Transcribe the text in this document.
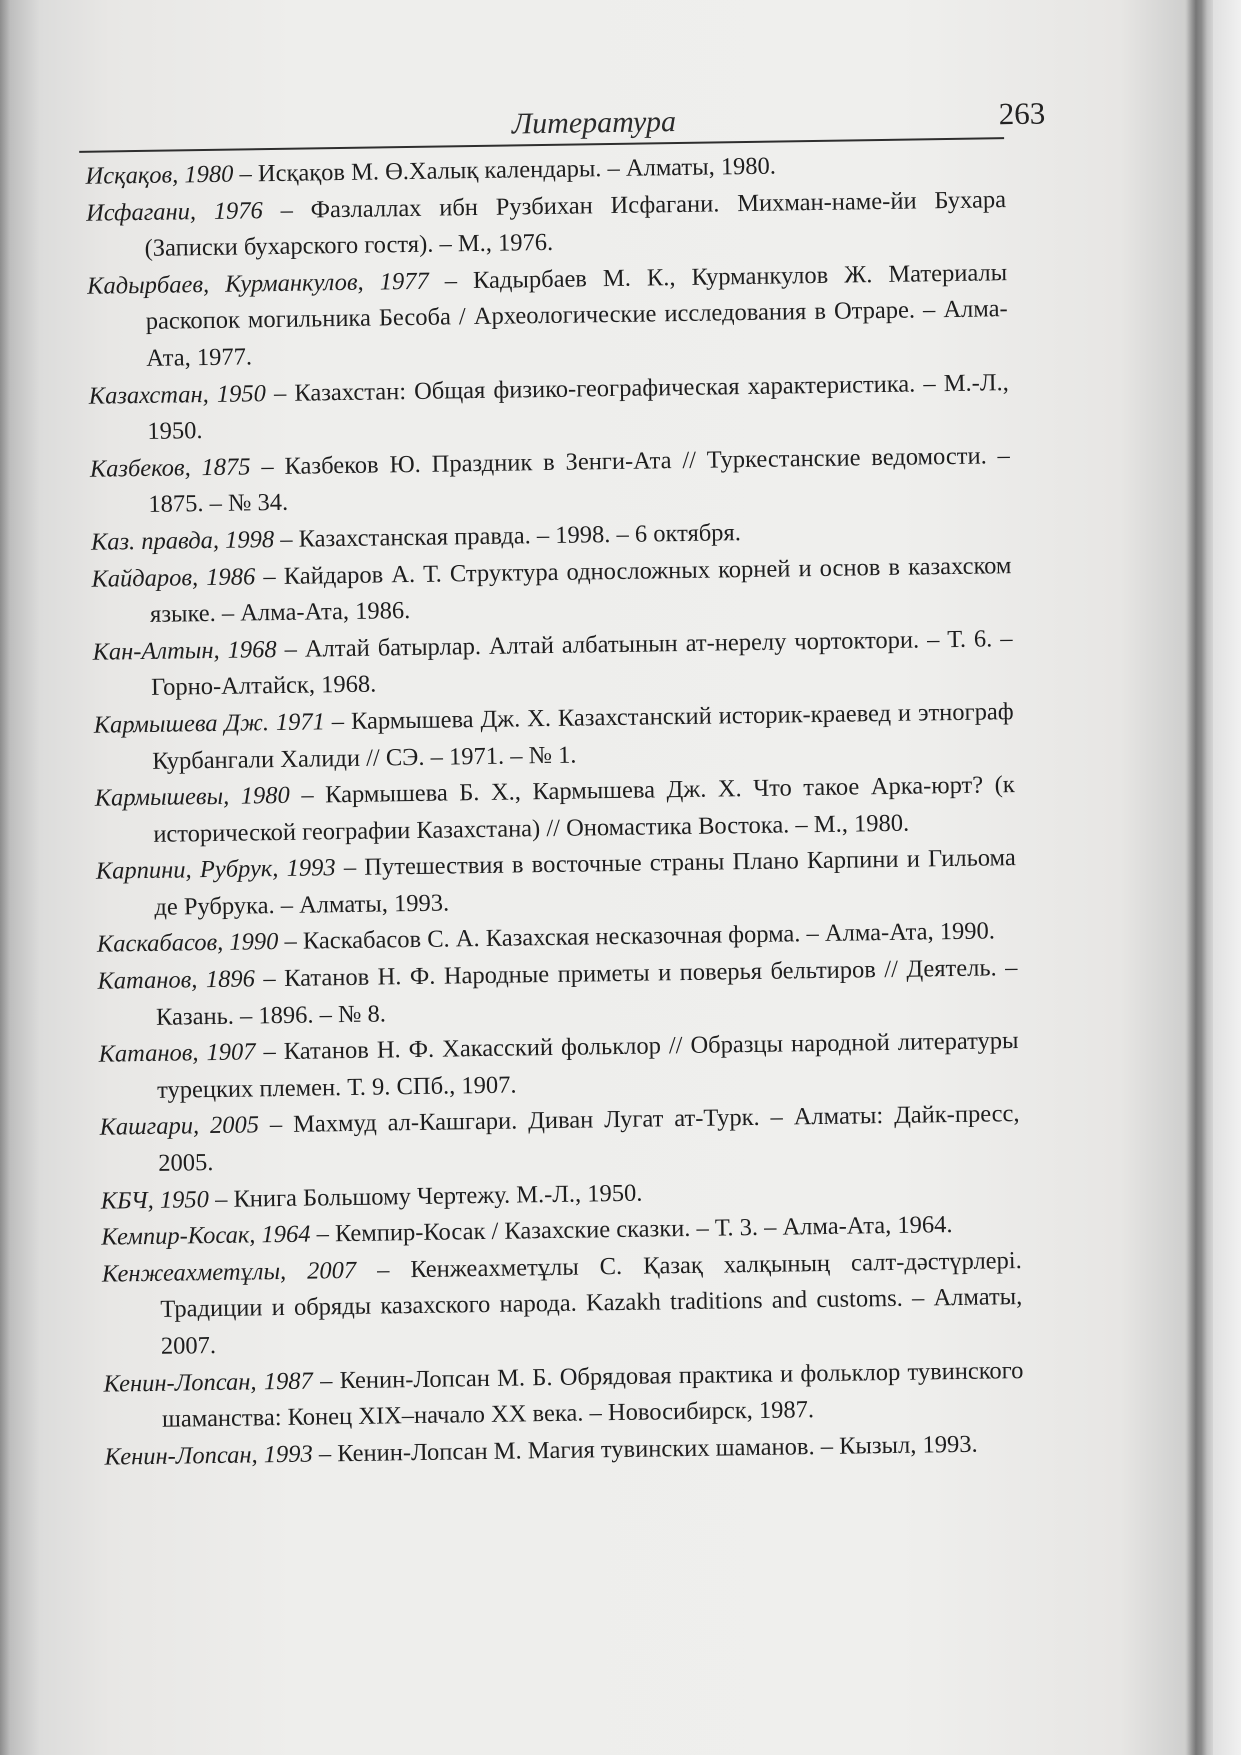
Литература	263
Исқақов, 1980 – Исқақов М. Ө.Халық календары. – Алматы, 1980.
Исфагани, 1976 – Фазлаллах ибн Рузбихан Исфагани. Михман-наме-йи Бухара (Записки бухарского гостя). – М., 1976.
Кадырбаев, Курманкулов, 1977 – Кадырбаев М. К., Курманкулов Ж. Материалы раскопок могильника Бесоба / Археологические исследования в Отраре. – Алма-Ата, 1977.
Казахстан, 1950 – Казахстан: Общая физико-географическая характеристика. – М.-Л., 1950.
Казбеков, 1875 – Казбеков Ю. Праздник в Зенги-Ата // Туркестанские ведомости. – 1875. – № 34.
Каз. правда, 1998 – Казахстанская правда. – 1998. – 6 октября.
Кайдаров, 1986 – Кайдаров А. Т. Структура односложных корней и основ в казахском языке. – Алма-Ата, 1986.
Кан-Алтын, 1968 – Алтай батырлар. Алтай албатынын ат-нерелу чортоктори. – Т. 6. – Горно-Алтайск, 1968.
Кармышева Дж. 1971 – Кармышева Дж. Х. Казахстанский историк-краевед и этнограф Курбангали Халиди // СЭ. – 1971. – № 1.
Кармышевы, 1980 – Кармышева Б. Х., Кармышева Дж. Х. Что такое Арка-юрт? (к исторической географии Казахстана) // Ономастика Востока. – М., 1980.
Карпини, Рубрук, 1993 – Путешествия в восточные страны Плано Карпини и Гильома де Рубрука. – Алматы, 1993.
Каскабасов, 1990 – Каскабасов С. А. Казахская несказочная форма. – Алма-Ата, 1990.
Катанов, 1896 – Катанов Н. Ф. Народные приметы и поверья бельтиров // Деятель. – Казань. – 1896. – № 8.
Катанов, 1907 – Катанов Н. Ф. Хакасский фольклор // Образцы народной литературы турецких племен. Т. 9. СПб., 1907.
Кашгари, 2005 – Махмуд ал-Кашгари. Диван Лугат ат-Турк. – Алматы: Дайк-пресс, 2005.
КБЧ, 1950 – Книга Большому Чертежу. М.-Л., 1950.
Кемпир-Косак, 1964 – Кемпир-Косак / Казахские сказки. – Т. 3. – Алма-Ата, 1964.
Кенжеахметұлы, 2007 – Кенжеахметұлы С. Қазақ халқының салт-дәстүрлері. Традиции и обряды казахского народа. Kazakh traditions and customs. – Алматы, 2007.
Кенин-Лопсан, 1987 – Кенин-Лопсан М. Б. Обрядовая практика и фольклор тувинского шаманства: Конец XIX–начало XX века. – Новосибирск, 1987.
Кенин-Лопсан, 1993 – Кенин-Лопсан М. Магия тувинских шаманов. – Кызыл, 1993.
